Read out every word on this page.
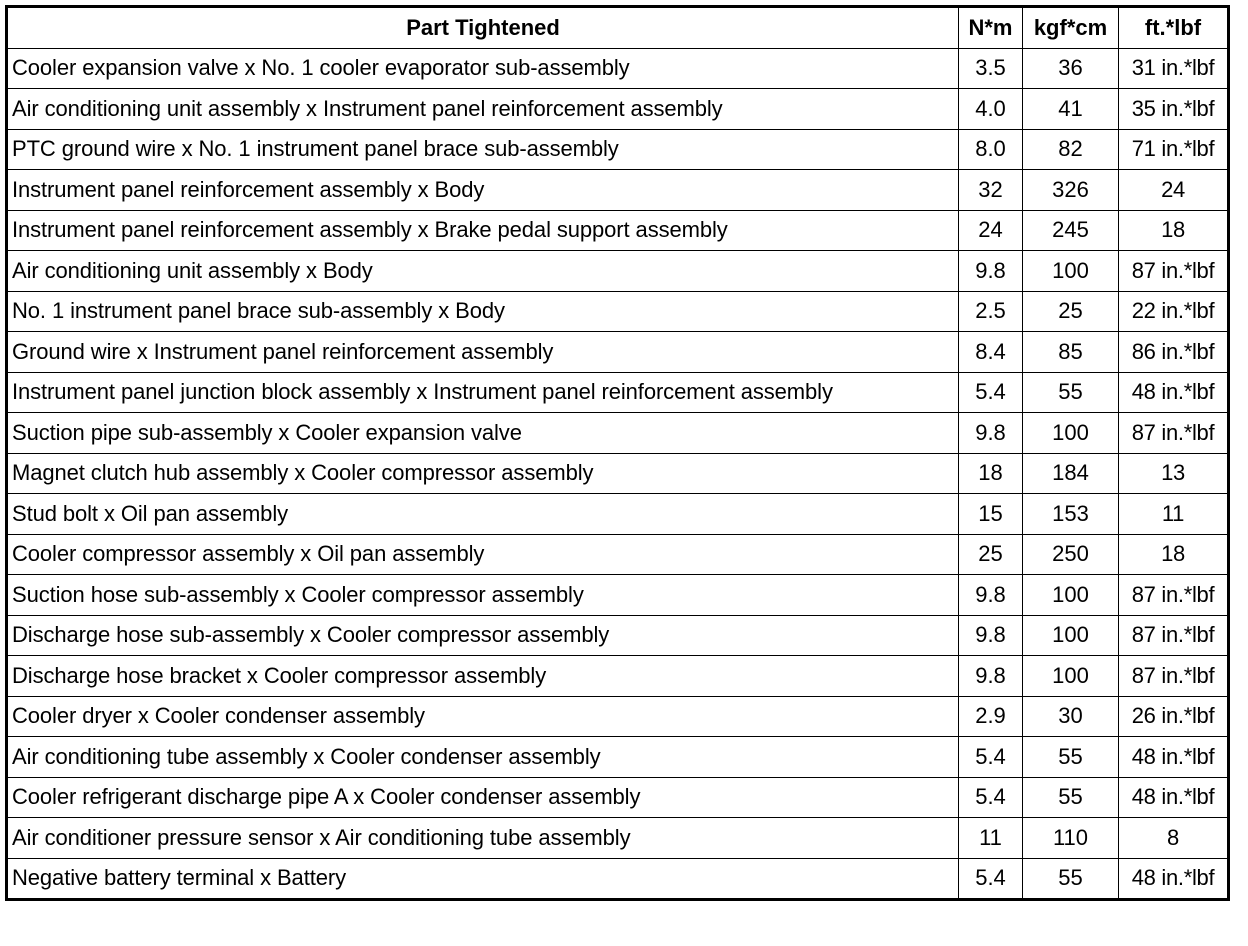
Part Tightened	N*m	kgf*cm	ft.*lbf
Cooler expansion valve x No. 1 cooler evaporator sub-assembly	3.5	36	31 in.*lbf
Air conditioning unit assembly x Instrument panel reinforcement assembly	4.0	41	35 in.*lbf
PTC ground wire x No. 1 instrument panel brace sub-assembly	8.0	82	71 in.*lbf
Instrument panel reinforcement assembly x Body	32	326	24
Instrument panel reinforcement assembly x Brake pedal support assembly	24	245	18
Air conditioning unit assembly x Body	9.8	100	87 in.*lbf
No. 1 instrument panel brace sub-assembly x Body	2.5	25	22 in.*lbf
Ground wire x Instrument panel reinforcement assembly	8.4	85	86 in.*lbf
Instrument panel junction block assembly x Instrument panel reinforcement assembly	5.4	55	48 in.*lbf
Suction pipe sub-assembly x Cooler expansion valve	9.8	100	87 in.*lbf
Magnet clutch hub assembly x Cooler compressor assembly	18	184	13
Stud bolt x Oil pan assembly	15	153	11
Cooler compressor assembly x Oil pan assembly	25	250	18
Suction hose sub-assembly x Cooler compressor assembly	9.8	100	87 in.*lbf
Discharge hose sub-assembly x Cooler compressor assembly	9.8	100	87 in.*lbf
Discharge hose bracket x Cooler compressor assembly	9.8	100	87 in.*lbf
Cooler dryer x Cooler condenser assembly	2.9	30	26 in.*lbf
Air conditioning tube assembly x Cooler condenser assembly	5.4	55	48 in.*lbf
Cooler refrigerant discharge pipe A x Cooler condenser assembly	5.4	55	48 in.*lbf
Air conditioner pressure sensor x Air conditioning tube assembly	11	110	8
Negative battery terminal x Battery	5.4	55	48 in.*lbf
